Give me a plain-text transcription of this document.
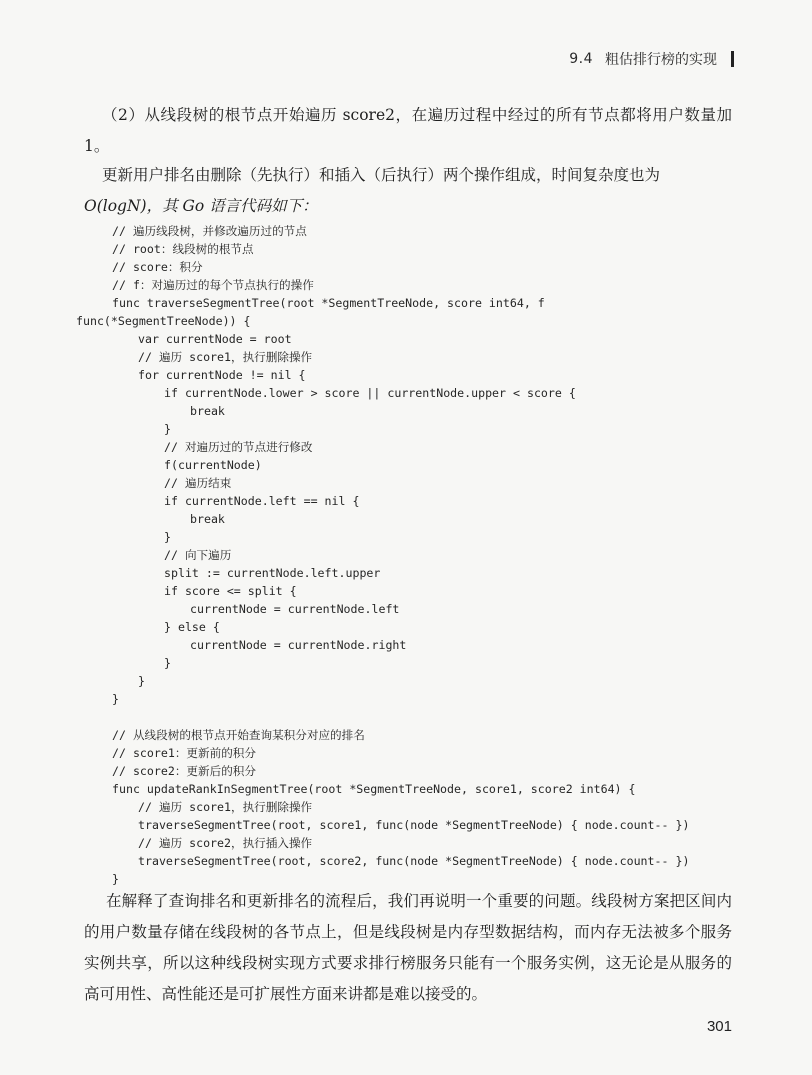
9.4 粗估排行榜的实现

（2）从线段树的根节点开始遍历 score2，在遍历过程中经过的所有节点都将用户数量加 1。

更新用户排名由删除（先执行）和插入（后执行）两个操作组成，时间复杂度也为
O(logN)，其 Go 语言代码如下：

// 遍历线段树，并修改遍历过的节点
// root：线段树的根节点
// score：积分
// f：对遍历过的每个节点执行的操作
func traverseSegmentTree(root *SegmentTreeNode, score int64, f
func(*SegmentTreeNode)) {
var currentNode = root
// 遍历 score1，执行删除操作
for currentNode != nil {
if currentNode.lower > score || currentNode.upper < score {
break
}
// 对遍历过的节点进行修改
f(currentNode)
// 遍历结束
if currentNode.left == nil {
break
}
// 向下遍历
split := currentNode.left.upper
if score <= split {
currentNode = currentNode.left
} else {
currentNode = currentNode.right
}
}
}
// 从线段树的根节点开始查询某积分对应的排名
// score1：更新前的积分
// score2：更新后的积分
func updateRankInSegmentTree(root *SegmentTreeNode, score1, score2 int64) {
// 遍历 score1，执行删除操作
traverseSegmentTree(root, score1, func(node *SegmentTreeNode) { node.count-- })
// 遍历 score2，执行插入操作
traverseSegmentTree(root, score2, func(node *SegmentTreeNode) { node.count-- })
}

在解释了查询排名和更新排名的流程后，我们再说明一个重要的问题。线段树方案把区间内的用户数量存储在线段树的各节点上，但是线段树是内存型数据结构，而内存无法被多个服务实例共享，所以这种线段树实现方式要求排行榜服务只能有一个服务实例，这无论是从服务的高可用性、高性能还是可扩展性方面来讲都是难以接受的。

301
